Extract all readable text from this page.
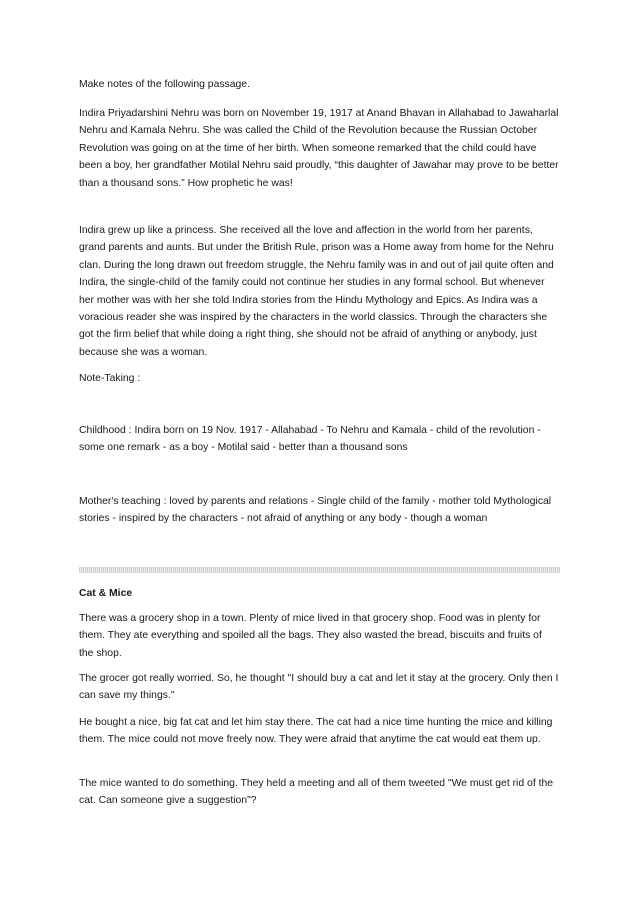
Make notes of the following passage.

Indira Priyadarshini Nehru was born on November 19, 1917 at Anand Bhavan in Allahabad to Jawaharlal Nehru and Kamala Nehru. She was called the Child of the Revolution because the Russian October Revolution was going on at the time of her birth. When someone remarked that the child could have been a boy, her grandfather Motilal Nehru said proudly, “this daughter of Jawahar may prove to be better than a thousand sons.” How prophetic he was!

Indira grew up like a princess. She received all the love and affection in the world from her parents, grand parents and aunts. But under the British Rule, prison was a Home away from home for the Nehru clan. During the long drawn out freedom struggle, the Nehru family was in and out of jail quite often and Indira, the single-child of the family could not continue her studies in any formal school. But whenever her mother was with her she told Indira stories from the Hindu Mythology and Epics. As Indira was a voracious reader she was inspired by the characters in the world classics. Through the characters she got the firm belief that while doing a right thing, she should not be afraid of anything or anybody, just because she was a woman.

Note-Taking :

Childhood : Indira born on 19 Nov. 1917 - Allahabad - To Nehru and Kamala - child of the revolution - some one remark - as a boy - Motilal said - better than a thousand sons

Mother's teaching : loved by parents and relations - Single child of the family - mother told Mythological stories - inspired by the characters - not afraid of anything or any body - though a woman

Cat & Mice

There was a grocery shop in a town. Plenty of mice lived in that grocery shop. Food was in plenty for them. They ate everything and spoiled all the bags. They also wasted the bread, biscuits and fruits of the shop.

The grocer got really worried. So, he thought "I should buy a cat and let it stay at the grocery. Only then I can save my things."

He bought a nice, big fat cat and let him stay there. The cat had a nice time hunting the mice and killing them. The mice could not move freely now. They were afraid that anytime the cat would eat them up.

The mice wanted to do something. They held a meeting and all of them tweeted "We must get rid of the cat. Can someone give a suggestion"?
